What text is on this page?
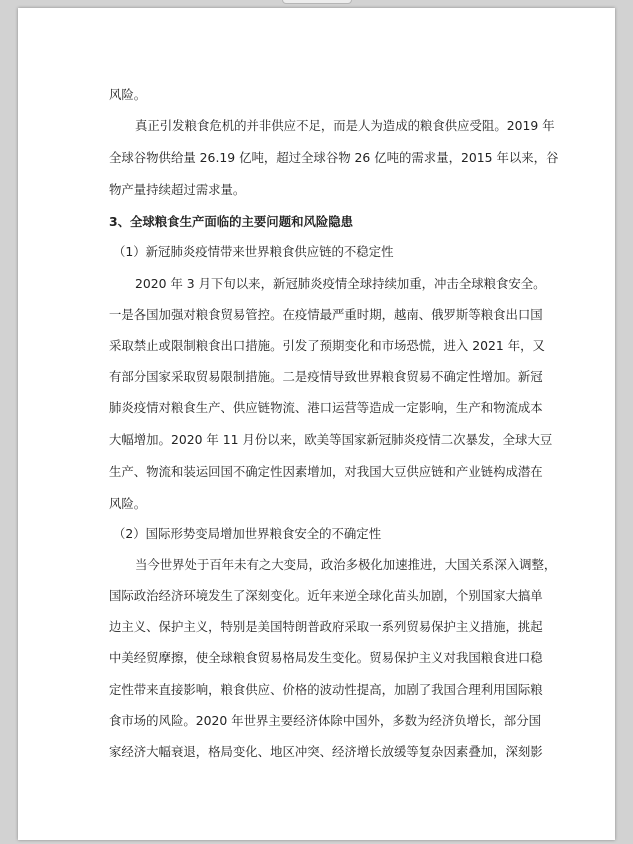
风险。
真正引发粮食危机的并非供应不足，而是人为造成的粮食供应受阻。2019 年
全球谷物供给量 26.19 亿吨，超过全球谷物 26 亿吨的需求量，2015 年以来，谷
物产量持续超过需求量。
3、全球粮食生产面临的主要问题和风险隐患
（1）新冠肺炎疫情带来世界粮食供应链的不稳定性
2020 年 3 月下旬以来，新冠肺炎疫情全球持续加重，冲击全球粮食安全。
一是各国加强对粮食贸易管控。在疫情最严重时期，越南、俄罗斯等粮食出口国
采取禁止或限制粮食出口措施。引发了预期变化和市场恐慌，进入 2021 年，又
有部分国家采取贸易限制措施。二是疫情导致世界粮食贸易不确定性增加。新冠
肺炎疫情对粮食生产、供应链物流、港口运营等造成一定影响，生产和物流成本
大幅增加。2020 年 11 月份以来，欧美等国家新冠肺炎疫情二次暴发，全球大豆
生产、物流和装运回国不确定性因素增加，对我国大豆供应链和产业链构成潜在
风险。
（2）国际形势变局增加世界粮食安全的不确定性
当今世界处于百年未有之大变局，政治多极化加速推进，大国关系深入调整，
国际政治经济环境发生了深刻变化。近年来逆全球化苗头加剧，个别国家大搞单
边主义、保护主义，特别是美国特朗普政府采取一系列贸易保护主义措施，挑起
中美经贸摩擦，使全球粮食贸易格局发生变化。贸易保护主义对我国粮食进口稳
定性带来直接影响，粮食供应、价格的波动性提高，加剧了我国合理利用国际粮
食市场的风险。2020 年世界主要经济体除中国外，多数为经济负增长，部分国
家经济大幅衰退，格局变化、地区冲突、经济增长放缓等复杂因素叠加，深刻影
